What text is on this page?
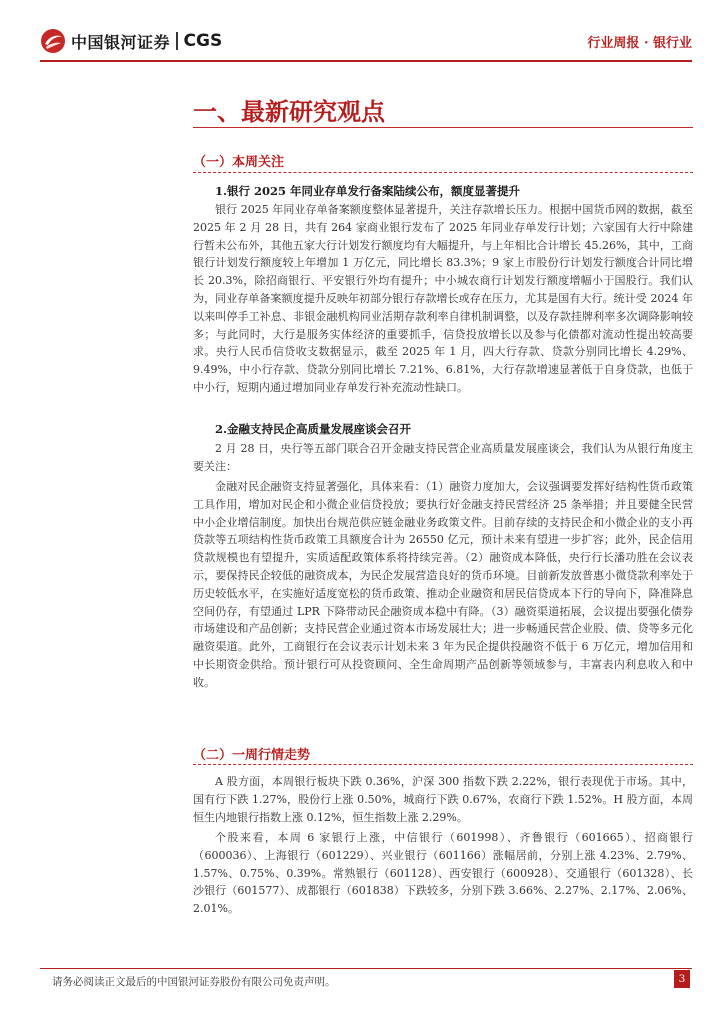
中国银河证券 CGS	行业周报 · 银行业
一、最新研究观点
（一）本周关注
1.银行 2025 年同业存单发行备案陆续公布，额度显著提升

银行 2025 年同业存单备案额度整体显著提升，关注存款增长压力。根据中国货币网的数据，截至 2025 年 2 月 28 日，共有 264 家商业银行发布了 2025 年同业存单发行计划；六家国有大行中除建行暂未公布外，其他五家大行计划发行额度均有大幅提升，与上年相比合计增长 45.26%，其中，工商银行计划发行额度较上年增加 1 万亿元，同比增长 83.3%；9 家上市股份行计划发行额度合计同比增长 20.3%，除招商银行、平安银行外均有提升；中小城农商行计划发行额度增幅小于国股行。我们认为，同业存单备案额度提升反映年初部分银行存款增长或存在压力，尤其是国有大行。统计受 2024 年以来叫停手工补息、非银金融机构同业活期存款利率自律机制调整，以及存款挂牌利率多次调降影响较多；与此同时，大行是服务实体经济的重要抓手，信贷投放增长以及参与化债都对流动性提出较高要求。央行人民币信贷收支数据显示，截至 2025 年 1 月，四大行存款、贷款分别同比增长 4.29%、9.49%，中小行存款、贷款分别同比增长 7.21%、6.81%，大行存款增速显著低于自身贷款，也低于中小行，短期内通过增加同业存单发行补充流动性缺口。

2.金融支持民企高质量发展座谈会召开

2 月 28 日，央行等五部门联合召开金融支持民营企业高质量发展座谈会，我们认为从银行角度主要关注：

金融对民企融资支持显著强化，具体来看：（1）融资力度加大，会议强调要发挥好结构性货币政策工具作用，增加对民企和小微企业信贷投放；要执行好金融支持民营经济 25 条举措；并且要健全民营中小企业增信制度。加快出台规范供应链金融业务政策文件。目前存续的支持民企和小微企业的支小再贷款等五项结构性货币政策工具额度合计为 26550 亿元，预计未来有望进一步扩容；此外，民企信用贷款规模也有望提升，实质适配政策体系将持续完善。（2）融资成本降低，央行行长潘功胜在会议表示，要保持民企较低的融资成本，为民企发展营造良好的货币环境。目前新发放普惠小微贷款利率处于历史较低水平，在实施好适度宽松的货币政策、推动企业融资和居民信贷成本下行的导向下，降准降息空间仍存，有望通过 LPR 下降带动民企融资成本稳中有降。（3）融资渠道拓展，会议提出要强化债券市场建设和产品创新；支持民营企业通过资本市场发展壮大；进一步畅通民营企业股、债、贷等多元化融资渠道。此外，工商银行在会议表示计划未来 3 年为民企提供投融资不低于 6 万亿元，增加信用和中长期资金供给。预计银行可从投资顾问、全生命周期产品创新等领域参与，丰富表内利息收入和中收。

（二）一周行情走势

A 股方面，本周银行板块下跌 0.36%，沪深 300 指数下跌 2.22%，银行表现优于市场。其中，国有行下跌 1.27%，股份行上涨 0.50%，城商行下跌 0.67%，农商行下跌 1.52%。H 股方面，本周恒生内地银行指数上涨 0.12%，恒生指数上涨 2.29%。

个股来看，本周 6 家银行上涨，中信银行（601998）、齐鲁银行（601665）、招商银行（600036）、上海银行（601229）、兴业银行（601166）涨幅居前，分别上涨 4.23%、2.79%、1.57%、0.75%、0.39%。常熟银行（601128）、西安银行（600928）、交通银行（601328）、长沙银行（601577）、成都银行（601838）下跌较多，分别下跌 3.66%、2.27%、2.17%、2.06%、2.01%。

请务必阅读正文最后的中国银河证券股份有限公司免责声明。	3
